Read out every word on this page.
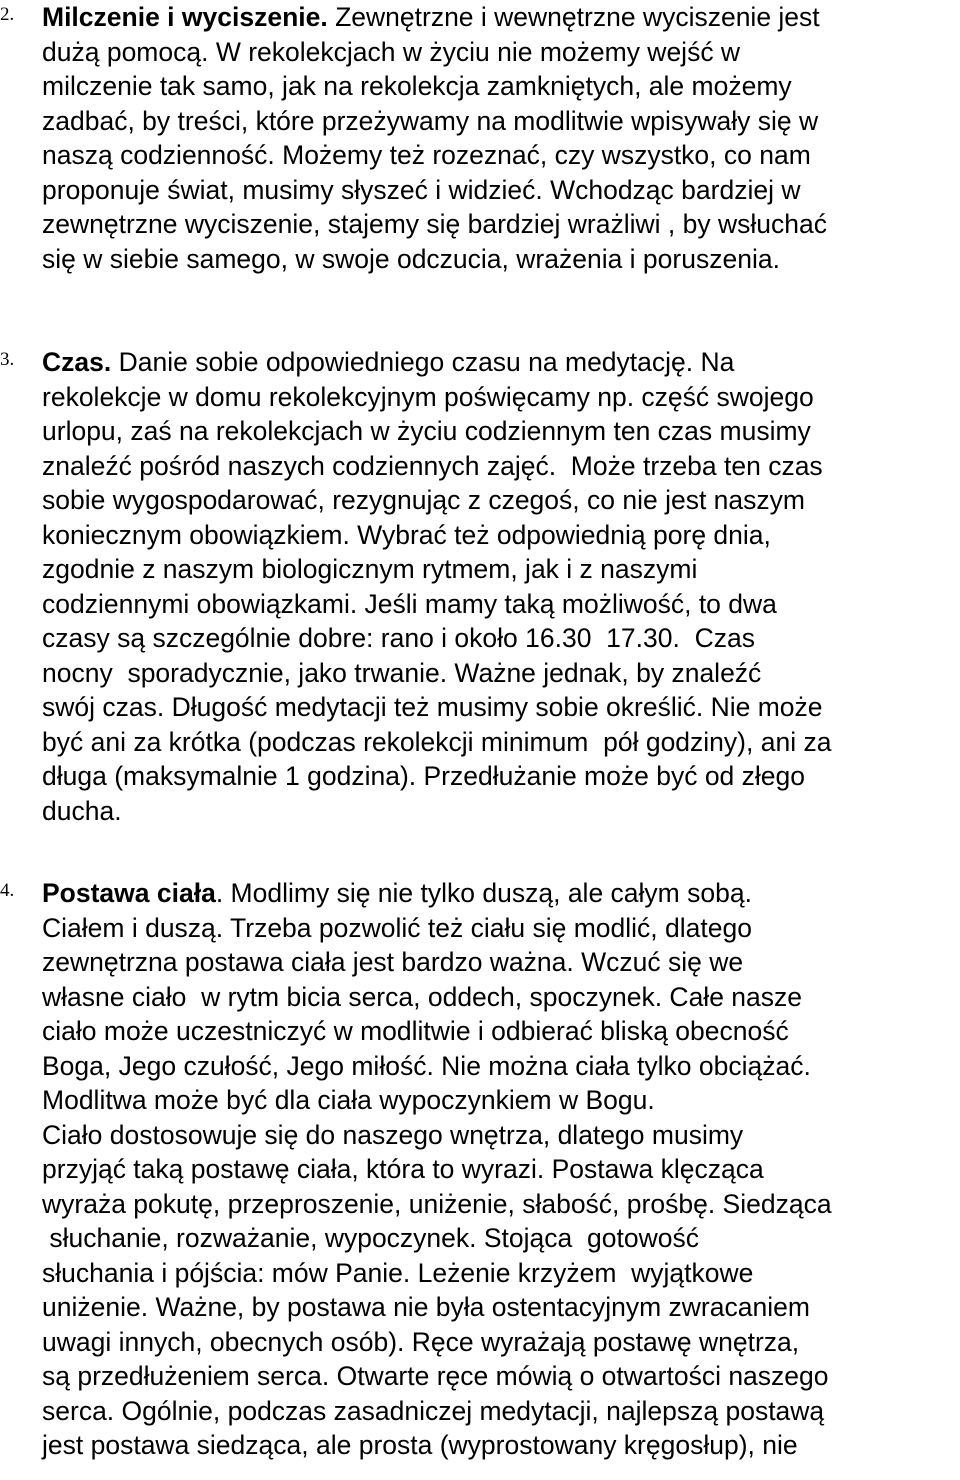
2. Milczenie i wyciszenie. Zewnętrzne i wewnętrzne wyciszenie jest
dużą pomocą. W rekolekcjach w życiu nie możemy wejść w
milczenie tak samo, jak na rekolekcja zamkniętych, ale możemy
zadbać, by treści, które przeżywamy na modlitwie wpisywały się w
naszą codzienność. Możemy też rozeznać, czy wszystko, co nam
proponuje świat, musimy słyszeć i widzieć. Wchodząc bardziej w
zewnętrzne wyciszenie, stajemy się bardziej wrażliwi , by wsłuchać
się w siebie samego, w swoje odczucia, wrażenia i poruszenia.
3. Czas. Danie sobie odpowiedniego czasu na medytację. Na
rekolekcje w domu rekolekcyjnym poświęcamy np. część swojego
urlopu, zaś na rekolekcjach w życiu codziennym ten czas musimy
znaleźć pośród naszych codziennych zajęć.  Może trzeba ten czas
sobie wygospodarować, rezygnując z czegoś, co nie jest naszym
koniecznym obowiązkiem. Wybrać też odpowiednią porę dnia,
zgodnie z naszym biologicznym rytmem, jak i z naszymi
codziennymi obowiązkami. Jeśli mamy taką możliwość, to dwa
czasy są szczególnie dobre: rano i około 16.30  17.30.  Czas
nocny  sporadycznie, jako trwanie. Ważne jednak, by znaleźć
swój czas. Długość medytacji też musimy sobie określić. Nie może
być ani za krótka (podczas rekolekcji minimum  pół godziny), ani za
długa (maksymalnie 1 godzina). Przedłużanie może być od złego
ducha.
4. Postawa ciała. Modlimy się nie tylko duszą, ale całym sobą.
Ciałem i duszą. Trzeba pozwolić też ciału się modlić, dlatego
zewnętrzna postawa ciała jest bardzo ważna. Wczuć się we
własne ciało  w rytm bicia serca, oddech, spoczynek. Całe nasze
ciało może uczestniczyć w modlitwie i odbierać bliską obecność
Boga, Jego czułość, Jego miłość. Nie można ciała tylko obciążać.
Modlitwa może być dla ciała wypoczynkiem w Bogu.
Ciało dostosowuje się do naszego wnętrza, dlatego musimy
przyjąć taką postawę ciała, która to wyrazi. Postawa klęcząca
wyraża pokutę, przeproszenie, uniżenie, słabość, prośbę. Siedząca
słuchanie, rozważanie, wypoczynek. Stojąca  gotowość
słuchania i pójścia: mów Panie. Leżenie krzyżem  wyjątkowe
uniżenie. Ważne, by postawa nie była ostentacyjnym zwracaniem
uwagi innych, obecnych osób). Ręce wyrażają postawę wnętrza,
są przedłużeniem serca. Otwarte ręce mówią o otwartości naszego
serca. Ogólnie, podczas zasadniczej medytacji, najlepszą postawą
jest postawa siedząca, ale prosta (wyprostowany kręgosłup), nie
